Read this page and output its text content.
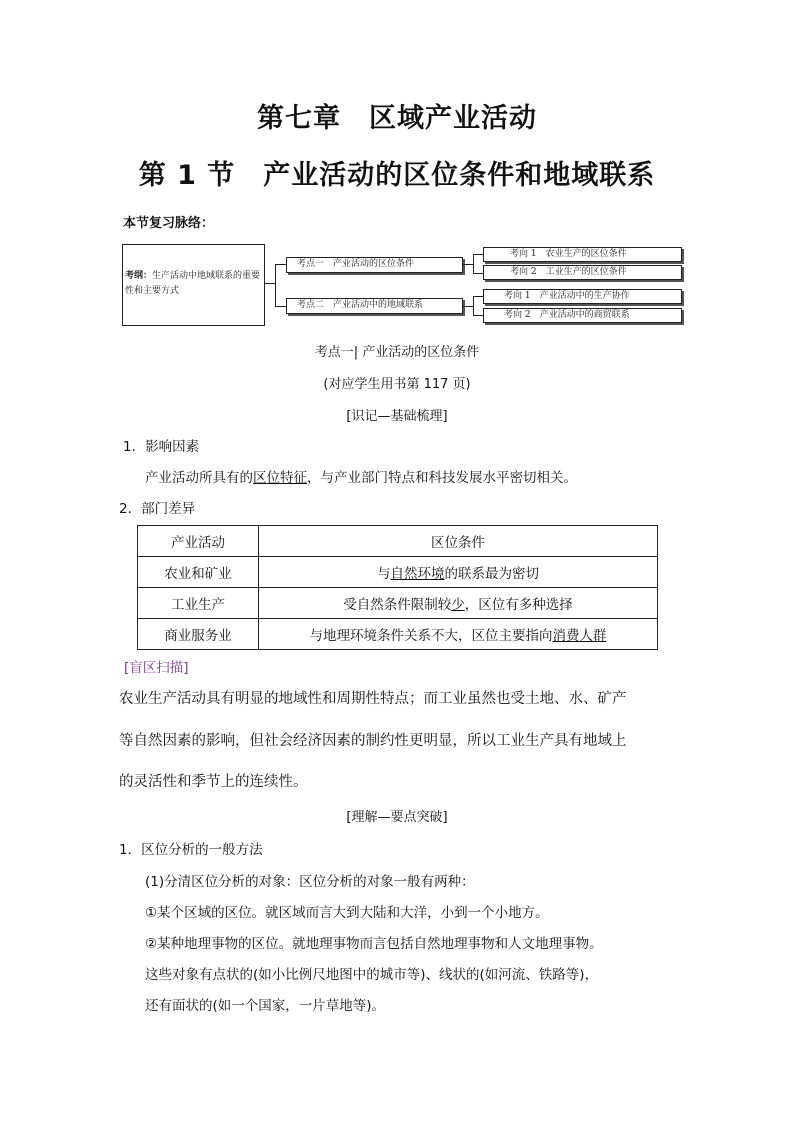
第七章　区域产业活动
第 1 节　产业活动的区位条件和地域联系
本节复习脉络：
考纲：生产活动中地域联系的重要性和主要方式
考点一　产业活动的区位条件
考点二　产业活动中的地域联系
考向 1　农业生产的区位条件
考向 2　工业生产的区位条件
考向 1　产业活动中的生产协作
考向 2　产业活动中的商贸联系
考点一| 产业活动的区位条件
(对应学生用书第 117 页)
[识记—基础梳理]
1．影响因素
产业活动所具有的区位特征，与产业部门特点和科技发展水平密切相关。
2．部门差异
产业活动	区位条件
农业和矿业	与自然环境的联系最为密切
工业生产	受自然条件限制较少，区位有多种选择
商业服务业	与地理环境条件关系不大，区位主要指向消费人群
[盲区扫描]
农业生产活动具有明显的地域性和周期性特点；而工业虽然也受土地、水、矿产
等自然因素的影响，但社会经济因素的制约性更明显，所以工业生产具有地域上
的灵活性和季节上的连续性。
[理解—要点突破]
1．区位分析的一般方法
(1)分清区位分析的对象：区位分析的对象一般有两种：
①某个区域的区位。就区域而言大到大陆和大洋，小到一个小地方。
②某种地理事物的区位。就地理事物而言包括自然地理事物和人文地理事物。
这些对象有点状的(如小比例尺地图中的城市等)、线状的(如河流、铁路等)，
还有面状的(如一个国家，一片草地等)。
